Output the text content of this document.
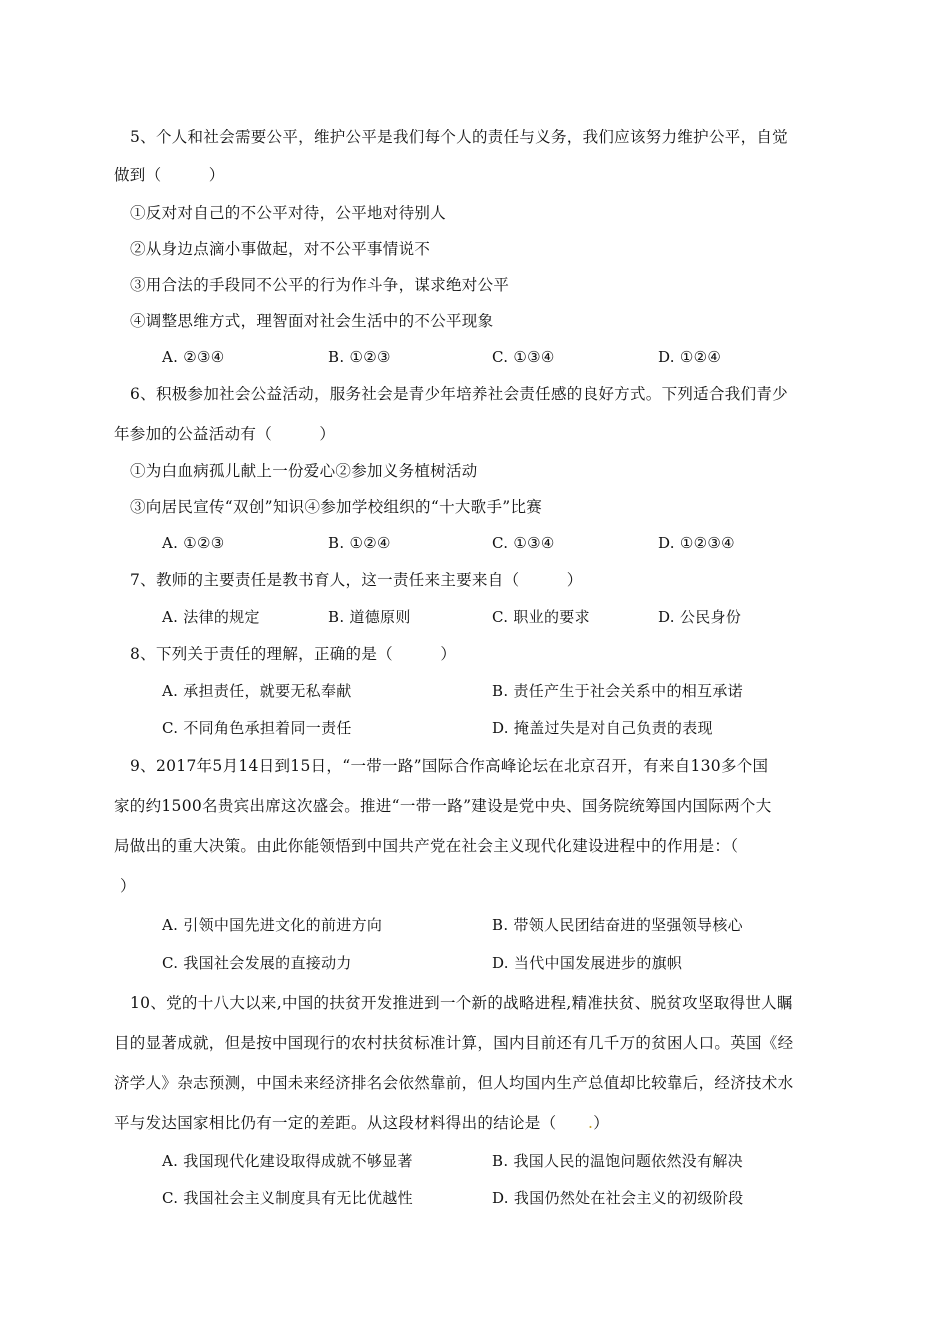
5、个人和社会需要公平，维护公平是我们每个人的责任与义务，我们应该努力维护公平，自觉
做到（　　　）
①反对对自己的不公平对待，公平地对待别人
②从身边点滴小事做起，对不公平事情说不
③用合法的手段同不公平的行为作斗争，谋求绝对公平
④调整思维方式，理智面对社会生活中的不公平现象
A. ②③④	B. ①②③	C. ①③④	D. ①②④
6、积极参加社会公益活动，服务社会是青少年培养社会责任感的良好方式。下列适合我们青少
年参加的公益活动有（　　　）
①为白血病孤儿献上一份爱心②参加义务植树活动
③向居民宣传“双创”知识④参加学校组织的“十大歌手”比赛
A. ①②③	B. ①②④	C. ①③④	D. ①②③④
7、教师的主要责任是教书育人，这一责任来主要来自（　　　）
A. 法律的规定	B. 道德原则	C. 职业的要求	D. 公民身份
8、下列关于责任的理解，正确的是（　　　）
A. 承担责任，就要无私奉献	B. 责任产生于社会关系中的相互承诺
C. 不同角色承担着同一责任	D. 掩盖过失是对自己负责的表现
9、2017年5月14日到15日，“一带一路”国际合作高峰论坛在北京召开，有来自130多个国
家的约1500名贵宾出席这次盛会。推进“一带一路”建设是党中央、国务院统筹国内国际两个大
局做出的重大决策。由此你能领悟到中国共产党在社会主义现代化建设进程中的作用是：（
）
A. 引领中国先进文化的前进方向	B. 带领人民团结奋进的坚强领导核心
C. 我国社会发展的直接动力	D. 当代中国发展进步的旗帜
10、党的十八大以来,中国的扶贫开发推进到一个新的战略进程,精准扶贫、脱贫攻坚取得世人瞩
目的显著成就，但是按中国现行的农村扶贫标准计算，国内目前还有几千万的贫困人口。英国《经
济学人》杂志预测，中国未来经济排名会依然靠前，但人均国内生产总值却比较靠后，经济技术水
平与发达国家相比仍有一定的差距。从这段材料得出的结论是（　　.）
A. 我国现代化建设取得成就不够显著	B. 我国人民的温饱问题依然没有解决
C. 我国社会主义制度具有无比优越性	D. 我国仍然处在社会主义的初级阶段
